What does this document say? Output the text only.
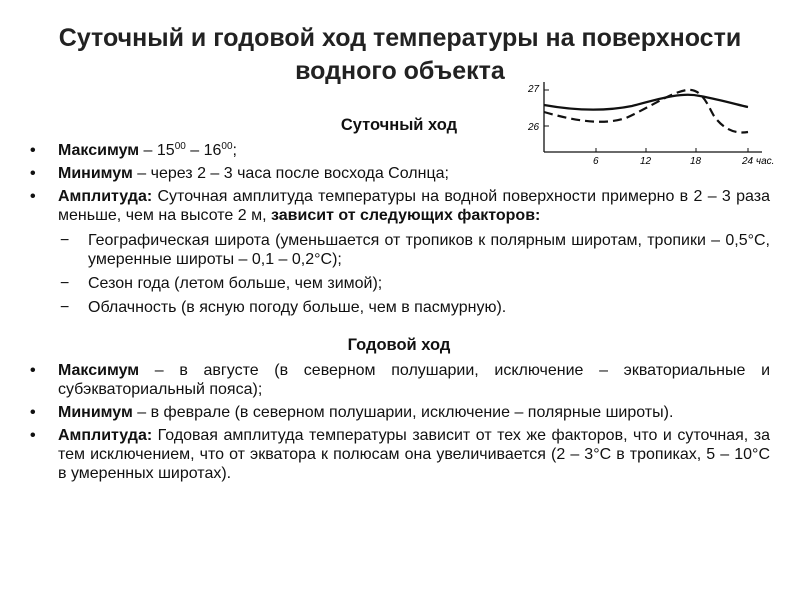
Суточный и годовой ход температуры на поверхности водного объекта
27
26
6	12	18	24 час.
Суточный ход
• Максимум – $15^{00} - 16^{00}$;
• Минимум – через 2 – 3 часа после восхода Солнца;
• Амплитуда: Суточная амплитуда температуры на водной поверхности примерно в 2 – 3 раза меньше, чем на высоте 2 м, зависит от следующих факторов:
− Географическая широта (уменьшается от тропиков к полярным широтам, тропики – 0,5°C, умеренные широты – 0,1 – 0,2°C);
− Сезон года (летом больше, чем зимой);
− Облачность (в ясную погоду больше, чем в пасмурную).
Годовой ход
• Максимум – в августе (в северном полушарии, исключение – экваториальные и субэкваториальный пояса);
• Минимум – в феврале (в северном полушарии, исключение – полярные широты).
• Амплитуда: Годовая амплитуда температуры зависит от тех же факторов, что и суточная, за тем исключением, что от экватора к полюсам она увеличивается (2 – 3°C в тропиках, 5 – 10°C в умеренных широтах).
